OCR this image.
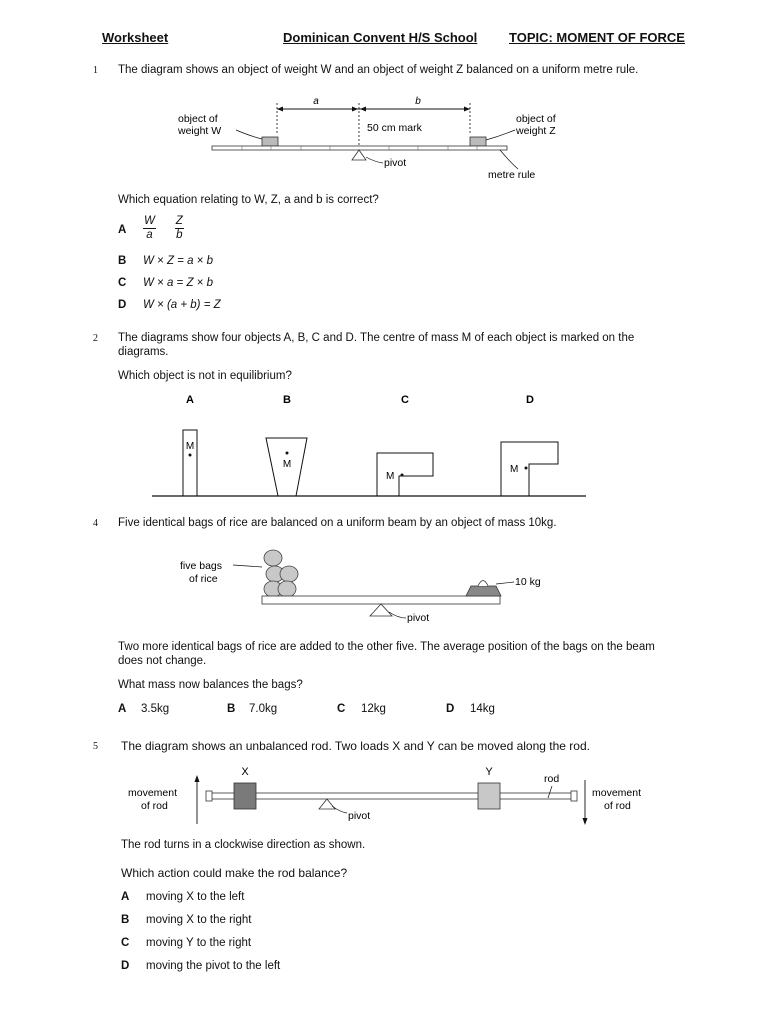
Worksheet	Dominican Convent H/S School TOPIC: MOMENT OF FORCE
1 The diagram shows an object of weight W and an object of weight Z balanced on a uniform metre rule.
a	b
object of
weight W
object of
weight Z
50 cm mark
pivot
metre rule
Which equation relating to W, Z, a and b is correct?
A $\frac{W}{a}$
$\frac{Z}{b}$
B W × Z = a × b
C W × a = Z × b
D W × (a + b) = Z
2 The diagrams show four objects A, B, C and D. The centre of mass M of each object is marked on the diagrams.
Which object is not in equilibrium?
A	B	C	D
M
M
M
M
4 Five identical bags of rice are balanced on a uniform beam by an object of mass 10kg.
five bags
of rice	10 kg
pivot
Two more identical bags of rice are added to the other five. The average position of the bags on the beam does not change.
What mass now balances the bags?
A 3.5kg	B 7.0kg	C 12kg	D 14kg
5 The diagram shows an unbalanced rod. Two loads X and Y can be moved along the rod.
X	Y
pivot
rod
movement
of rod
movement
of rod
The rod turns in a clockwise direction as shown.
Which action could make the rod balance?
A moving X to the left
B moving X to the right
C moving Y to the right
D moving the pivot to the left
